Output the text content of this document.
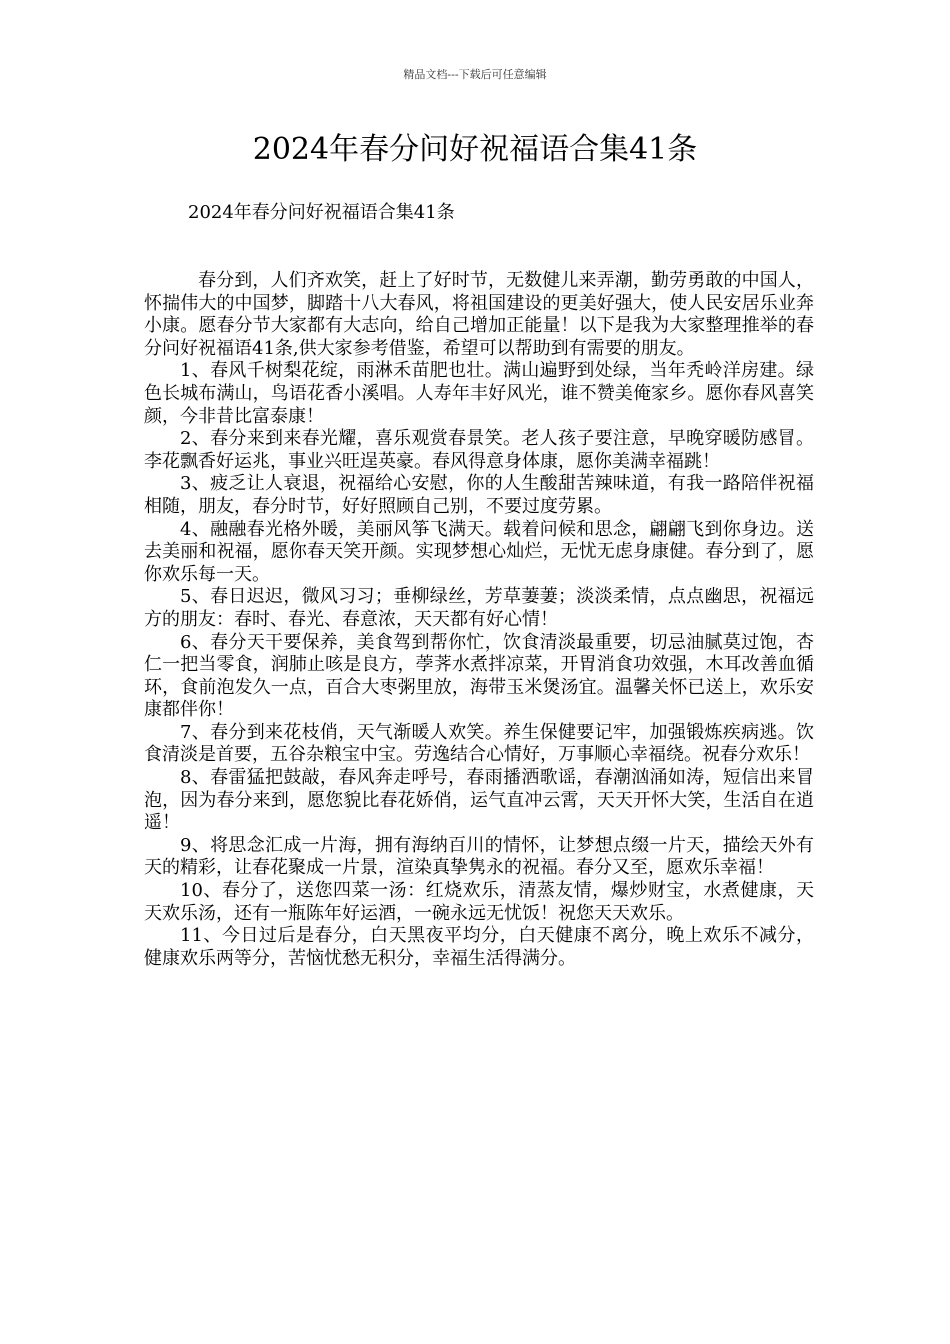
精品文档---下载后可任意编辑
2024年春分问好祝福语合集41条
2024年春分问好祝福语合集41条

春分到，人们齐欢笑，赶上了好时节，无数健儿来弄潮，勤劳勇敢的中国人，怀揣伟大的中国梦，脚踏十八大春风，将祖国建设的更美好强大，使人民安居乐业奔小康。愿春分节大家都有大志向，给自己增加正能量！以下是我为大家整理推举的春分问好祝福语41条,供大家参考借鉴，希望可以帮助到有需要的朋友。

1、春风千树梨花绽，雨淋禾苗肥也壮。满山遍野到处绿，当年秃岭洋房建。绿色长城布满山，鸟语花香小溪唱。人寿年丰好风光，谁不赞美俺家乡。愿你春风喜笑颜，今非昔比富泰康！

2、春分来到来春光耀，喜乐观赏春景笑。老人孩子要注意，早晚穿暖防感冒。李花飘香好运兆，事业兴旺逞英豪。春风得意身体康，愿你美满幸福跳！

3、疲乏让人衰退，祝福给心安慰，你的人生酸甜苦辣味道，有我一路陪伴祝福相随，朋友，春分时节，好好照顾自己别，不要过度劳累。

4、融融春光格外暖，美丽风筝飞满天。载着问候和思念，翩翩飞到你身边。送去美丽和祝福，愿你春天笑开颜。实现梦想心灿烂，无忧无虑身康健。春分到了，愿你欢乐每一天。

5、春日迟迟，微风习习；垂柳绿丝，芳草萋萋；淡淡柔情，点点幽思，祝福远方的朋友：春时、春光、春意浓，天天都有好心情！

6、春分天干要保养，美食驾到帮你忙，饮食清淡最重要，切忌油腻莫过饱，杏仁一把当零食，润肺止咳是良方，荸荠水煮拌凉菜，开胃消食功效强，木耳改善血循环，食前泡发久一点，百合大枣粥里放，海带玉米煲汤宜。温馨关怀已送上，欢乐安康都伴你！

7、春分到来花枝俏，天气渐暖人欢笑。养生保健要记牢，加强锻炼疾病逃。饮食清淡是首要，五谷杂粮宝中宝。劳逸结合心情好，万事顺心幸福绕。祝春分欢乐！

8、春雷猛把鼓敲，春风奔走呼号，春雨播洒歌谣，春潮汹涌如涛，短信出来冒泡，因为春分来到，愿您貌比春花娇俏，运气直冲云霄，天天开怀大笑，生活自在逍遥！

9、将思念汇成一片海，拥有海纳百川的情怀，让梦想点缀一片天，描绘天外有天的精彩，让春花聚成一片景，渲染真挚隽永的祝福。春分又至，愿欢乐幸福！

10、春分了，送您四菜一汤：红烧欢乐，清蒸友情，爆炒财宝，水煮健康，天天欢乐汤，还有一瓶陈年好运酒，一碗永远无忧饭！祝您天天欢乐。

11、今日过后是春分，白天黑夜平均分，白天健康不离分，晚上欢乐不减分，健康欢乐两等分，苦恼忧愁无积分，幸福生活得满分。
